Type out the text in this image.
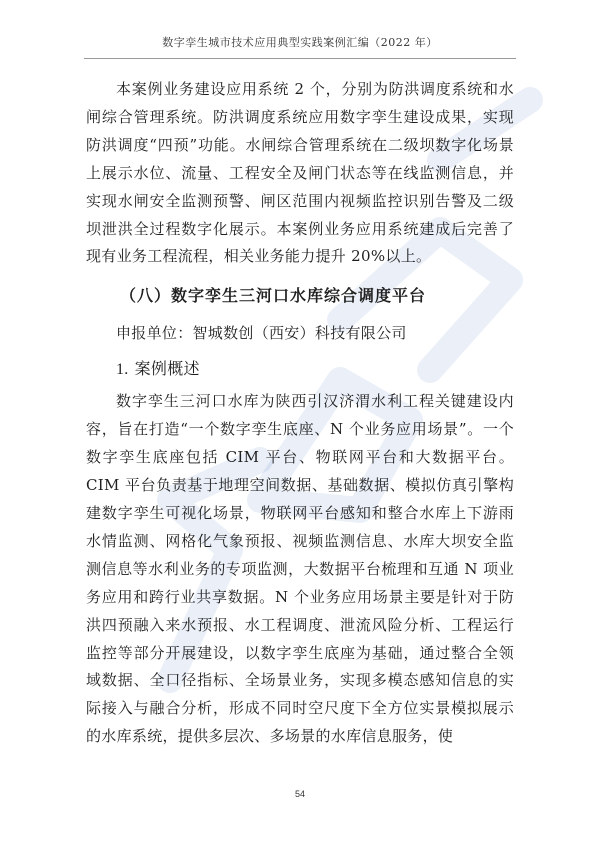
数字孪生城市技术应用典型实践案例汇编（2022 年）

本案例业务建设应用系统 2 个，分别为防洪调度系统和水闸综合管理系统。防洪调度系统应用数字孪生建设成果，实现防洪调度“四预”功能。水闸综合管理系统在二级坝数字化场景上展示水位、流量、工程安全及闸门状态等在线监测信息，并实现水闸安全监测预警、闸区范围内视频监控识别告警及二级坝泄洪全过程数字化展示。本案例业务应用系统建成后完善了现有业务工程流程，相关业务能力提升 20%以上。

（八）数字孪生三河口水库综合调度平台

申报单位：智城数创（西安）科技有限公司

1. 案例概述

数字孪生三河口水库为陕西引汉济渭水利工程关键建设内容，旨在打造“一个数字孪生底座、N 个业务应用场景”。一个数字孪生底座包括 CIM 平台、物联网平台和大数据平台。CIM 平台负责基于地理空间数据、基础数据、模拟仿真引擎构建数字孪生可视化场景，物联网平台感知和整合水库上下游雨水情监测、网格化气象预报、视频监测信息、水库大坝安全监测信息等水利业务的专项监测，大数据平台梳理和互通 N 项业务应用和跨行业共享数据。N 个业务应用场景主要是针对于防洪四预融入来水预报、水工程调度、泄流风险分析、工程运行监控等部分开展建设，以数字孪生底座为基础，通过整合全领域数据、全口径指标、全场景业务，实现多模态感知信息的实际接入与融合分析，形成不同时空尺度下全方位实景模拟展示的水库系统，提供多层次、多场景的水库信息服务，使

54
